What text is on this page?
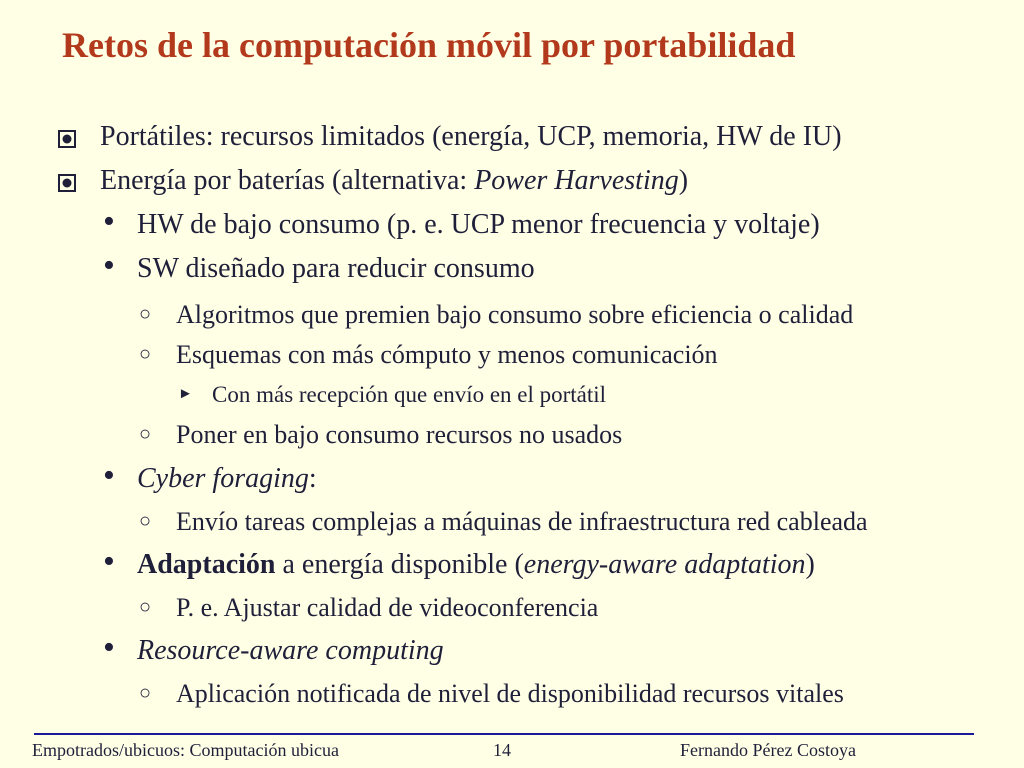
Retos de la computación móvil por portabilidad
Portátiles: recursos limitados (energía, UCP, memoria, HW de IU)
Energía por baterías (alternativa: Power Harvesting)
• HW de bajo consumo (p. e. UCP menor frecuencia y voltaje)
• SW diseñado para reducir consumo
○ Algoritmos que premien bajo consumo sobre eficiencia o calidad
○ Esquemas con más cómputo y menos comunicación
► Con más recepción que envío en el portátil
○ Poner en bajo consumo recursos no usados
• Cyber foraging:
○ Envío tareas complejas a máquinas de infraestructura red cableada
• Adaptación a energía disponible (energy-aware adaptation)
○ P. e. Ajustar calidad de videoconferencia
• Resource-aware computing
○ Aplicación notificada de nivel de disponibilidad recursos vitales
Empotrados/ubicuos: Computación ubicua	14	Fernando Pérez Costoya
